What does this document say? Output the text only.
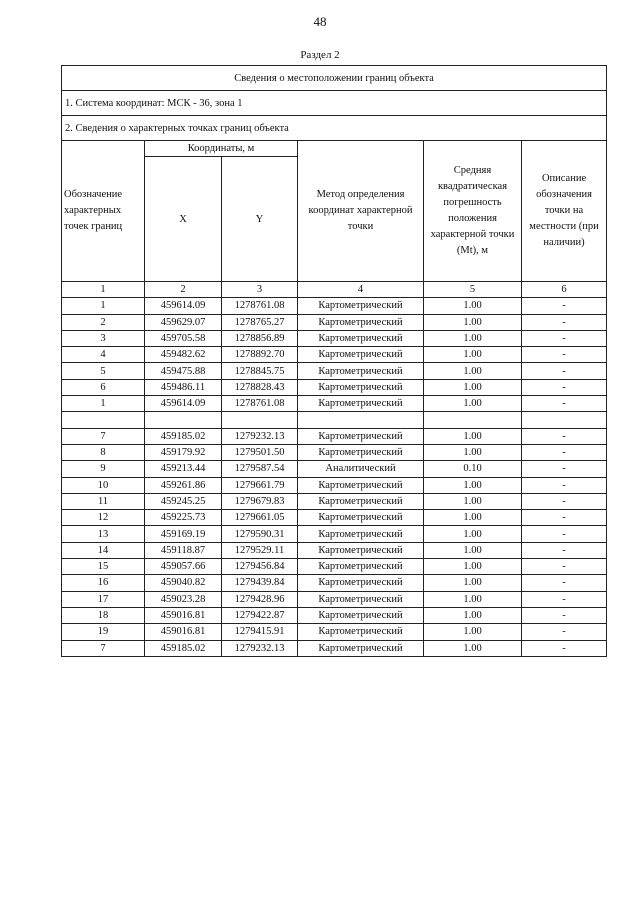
48
Раздел 2
Сведения о местоположении границ объекта					
1. Система координат: МСК - 36, зона 1					
2. Сведения о характерных точках границ объекта					
Обозначение характерных точек границ	Координаты, м		Метод определения координат характерной точки	Средняя квадратическая погрешность положения характерной точки (Mt), м	Описание обозначения точки на местности (при наличии)
	X	Y			
1	2	3	4	5	6
1	459614.09	1278761.08	Картометрический	1.00	-
2	459629.07	1278765.27	Картометрический	1.00	-
3	459705.58	1278856.89	Картометрический	1.00	-
4	459482.62	1278892.70	Картометрический	1.00	-
5	459475.88	1278845.75	Картометрический	1.00	-
6	459486.11	1278828.43	Картометрический	1.00	-
1	459614.09	1278761.08	Картометрический	1.00	-

7	459185.02	1279232.13	Картометрический	1.00	-
8	459179.92	1279501.50	Картометрический	1.00	-
9	459213.44	1279587.54	Аналитический	0.10	-
10	459261.86	1279661.79	Картометрический	1.00	-
11	459245.25	1279679.83	Картометрический	1.00	-
12	459225.73	1279661.05	Картометрический	1.00	-
13	459169.19	1279590.31	Картометрический	1.00	-
14	459118.87	1279529.11	Картометрический	1.00	-
15	459057.66	1279456.84	Картометрический	1.00	-
16	459040.82	1279439.84	Картометрический	1.00	-
17	459023.28	1279428.96	Картометрический	1.00	-
18	459016.81	1279422.87	Картометрический	1.00	-
19	459016.81	1279415.91	Картометрический	1.00	-
7	459185.02	1279232.13	Картометрический	1.00	-
